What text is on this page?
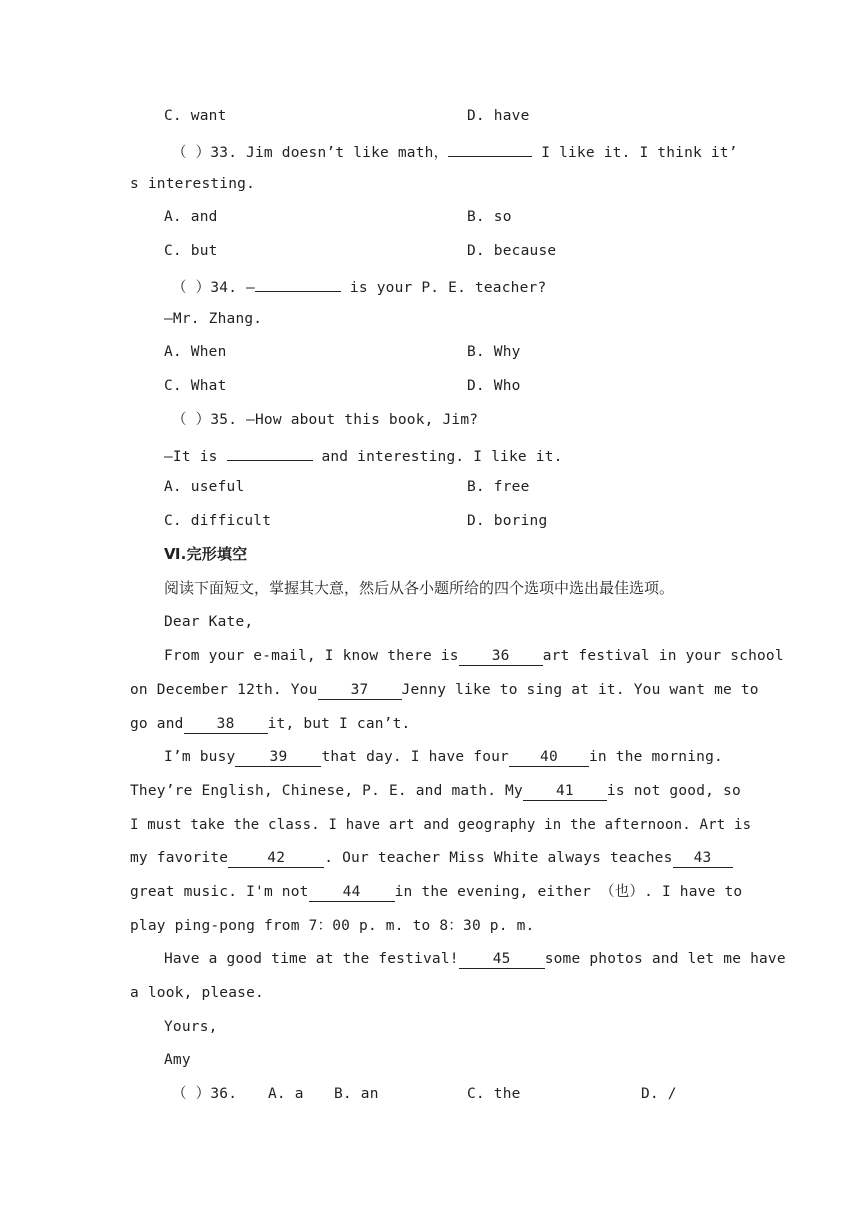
C. want	D. have
（ ）33. Jim doesn’t like math，	I like it. I think it’
s interesting.
A. and	B. so
C. but	D. because
（ ）34. —	is your P. E. teacher?
—Mr. Zhang.
A. When	B. Why
C. What	D. Who
（ ）35. —How about this book, Jim?
—It is	and interesting. I like it.
A. useful	B. free
C. difficult	D. boring
Ⅵ.完形填空
阅读下面短文，掌握其大意，然后从各小题所给的四个选项中选出最佳选项。
Dear Kate,
From your e-mail, I know there is 36 art festival in your school
on December 12th. You 37 Jenny like to sing at it. You want me to
go and 38 it, but I can’t.
I’m busy 39 that day. I have four 40 in the morning.
They’re English, Chinese, P. E. and math. My 41 is not good, so
I must take the class. I have art and geography in the afternoon. Art is
my favorite	42	. Our teacher Miss White always teaches 43
great music. I'm not 44 in the evening, either （也）. I have to
play ping-pong from 7：00 p. m. to 8：30 p. m.
Have a good time at the festival! 45 some photos and let me have
a look, please.
Yours,
Amy
（ ）36.	A. a B. an	C. the	D. /
